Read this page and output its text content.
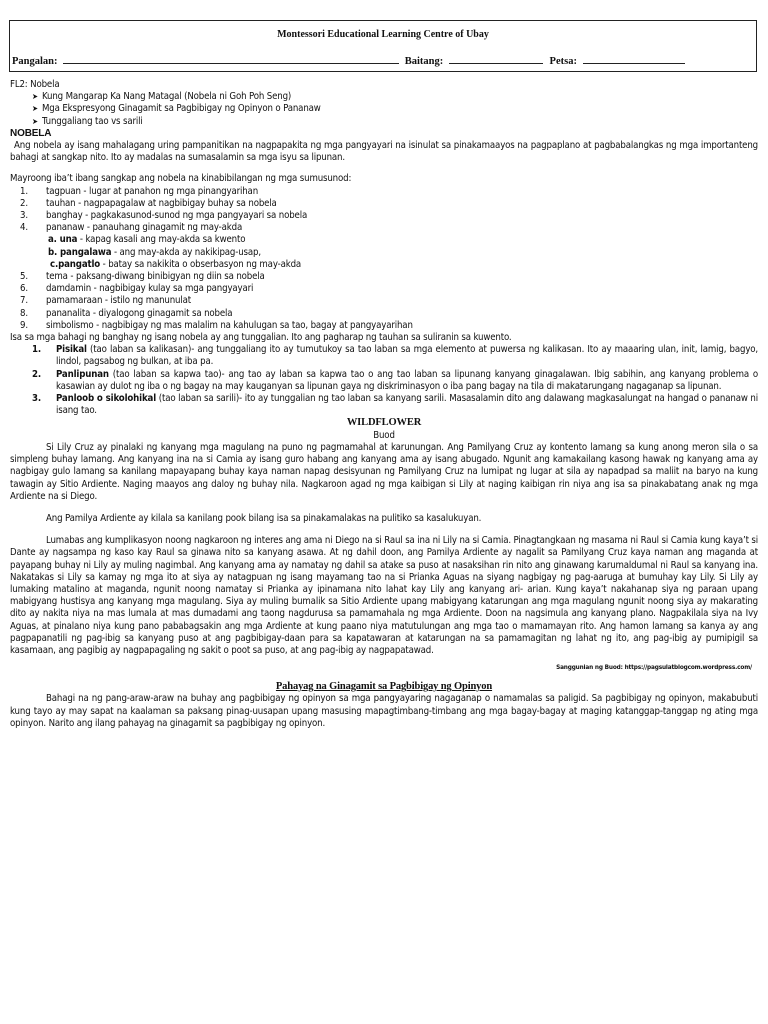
Montessori Educational Learning Centre of Ubay
Pangalan:	Baitang:	Petsa:

FL2: Nobela

➤ Kung Mangarap Ka Nang Matagal (Nobela ni Goh Poh Seng)
➤ Mga Ekspresyong Ginagamit sa Pagbibigay ng Opinyon o Pananaw
➤ Tunggaliang tao vs sarili

NOBELA

Ang nobela ay isang mahalagang uring pampanitikan na nagpapakita ng mga pangyayari na isinulat sa pinakamaayos na pagpaplano at pagbabalangkas ng mga importanteng bahagi at sangkap nito. Ito ay madalas na sumasalamin sa mga isyu sa lipunan.

Mayroong iba’t ibang sangkap ang nobela na kinabibilangan ng mga sumusunod:

1. tagpuan - lugar at panahon ng mga pinangyarihan
2. tauhan - nagpapagalaw at nagbibigay buhay sa nobela
3. banghay - pagkakasunod-sunod ng mga pangyayari sa nobela
4. pananaw - panauhang ginagamit ng may-akda
a. una - kapag kasali ang may-akda sa kwento
b. pangalawa - ang may-akda ay nakikipag-usap,
c.pangatlo - batay sa nakikita o obserbasyon ng may-akda
5. tema - paksang-diwang binibigyan ng diin sa nobela
6. damdamin - nagbibigay kulay sa mga pangyayari
7. pamamaraan - istilo ng manunulat
8. pananalita - diyalogong ginagamit sa nobela
9. simbolismo - nagbibigay ng mas malalim na kahulugan sa tao, bagay at pangyayarihan

Isa sa mga bahagi ng banghay ng isang nobela ay ang tunggalian. Ito ang pagharap ng tauhan sa suliranin sa kuwento.

1. Pisikal (tao laban sa kalikasan)- ang tunggaliang ito ay tumutukoy sa tao laban sa mga elemento at puwersa ng kalikasan. Ito ay maaaring ulan, init, lamig, bagyo, lindol, pagsabog ng bulkan, at iba pa.
2. Panlipunan (tao laban sa kapwa tao)- ang tao ay laban sa kapwa tao o ang tao laban sa lipunang kanyang ginagalawan. Ibig sabihin, ang kanyang problema o kasawian ay dulot ng iba o ng bagay na may kauganyan sa lipunan gaya ng diskriminasyon o iba pang bagay na tila di makatarungang nagaganap sa lipunan.
3. Panloob o sikolohikal (tao laban sa sarili)- ito ay tunggalian ng tao laban sa kanyang sarili. Masasalamin dito ang dalawang magkasalungat na hangad o pananaw ni isang tao.

WILDFLOWER

Buod

Si Lily Cruz ay pinalaki ng kanyang mga magulang na puno ng pagmamahal at karunungan. Ang Pamilyang Cruz ay kontento lamang sa kung anong meron sila o sa simpleng buhay lamang. Ang kanyang ina na si Camia ay isang guro habang ang kanyang ama ay isang abugado. Ngunit ang kamakailang kasong hawak ng kanyang ama ay nagbigay gulo lamang sa kanilang mapayapang buhay kaya naman napag desisyunan ng Pamilyang Cruz na lumipat ng lugar at sila ay napadpad sa maliit na baryo na kung tawagin ay Sitio Ardiente. Naging maayos ang daloy ng buhay nila. Nagkaroon agad ng mga kaibigan si Lily at naging kaibigan rin niya ang isa sa pinakabatang anak ng mga Ardiente na si Diego.

Ang Pamilya Ardiente ay kilala sa kanilang pook bilang isa sa pinakamalakas na pulitiko sa kasalukuyan.

Lumabas ang kumplikasyon noong nagkaroon ng interes ang ama ni Diego na si Raul sa ina ni Lily na si Camia. Pinagtangkaan ng masama ni Raul si Camia kung kaya’t si Dante ay nagsampa ng kaso kay Raul sa ginawa nito sa kanyang asawa. At ng dahil doon, ang Pamilya Ardiente ay nagalit sa Pamilyang Cruz kaya naman ang maganda at payapang buhay ni Lily ay muling nagimbal. Ang kanyang ama ay namatay ng dahil sa atake sa puso at nasaksihan rin nito ang ginawang karumaldumal ni Raul sa kanyang ina. Nakatakas si Lily sa kamay ng mga ito at siya ay natagpuan ng isang mayamang tao na si Prianka Aguas na siyang nagbigay ng pag-aaruga at bumuhay kay Lily. Si Lily ay lumaking matalino at maganda, ngunit noong namatay si Prianka ay ipinamana nito lahat kay Lily ang kanyang ari- arian. Kung kaya’t nakahanap siya ng paraan upang mabigyang hustisya ang kanyang mga magulang. Siya ay muling bumalik sa Sitio Ardiente upang mabigyang katarungan ang mga magulang ngunit noong siya ay makarating dito ay nakita niya na mas lumala at mas dumadami ang taong nagdurusa sa pamamahala ng mga Ardiente. Doon na nagsimula ang kanyang plano. Nagpakilala siya na Ivy Aguas, at pinalano niya kung pano pababagsakin ang mga Ardiente at kung paano niya matutulungan ang mga tao o mamamayan rito. Ang hamon lamang sa kanya ay ang pagpapanatili ng pag-ibig sa kanyang puso at ang pagbibigay-daan para sa kapatawaran at katarungan na sa pamamagitan ng lahat ng ito, ang pag-ibig ay pumipigil sa kasamaan, ang pagibig ay nagpapagaling ng sakit o poot sa puso, at ang pag-ibig ay nagpapatawad.

Sanggunian ng Buod: https://pagsulatblogcom.wordpress.com/

Pahayag na Ginagamit sa Pagbibigay ng Opinyon

Bahagi na ng pang-araw-araw na buhay ang pagbibigay ng opinyon sa mga pangyayaring nagaganap o namamalas sa paligid. Sa pagbibigay ng opinyon, makabubuti kung tayo ay may sapat na kaalaman sa paksang pinag-uusapan upang masusing mapagtimbang-timbang ang mga bagay-bagay at maging katanggap-tanggap ng ating mga opinyon. Narito ang ilang pahayag na ginagamit sa pagbibigay ng opinyon.
